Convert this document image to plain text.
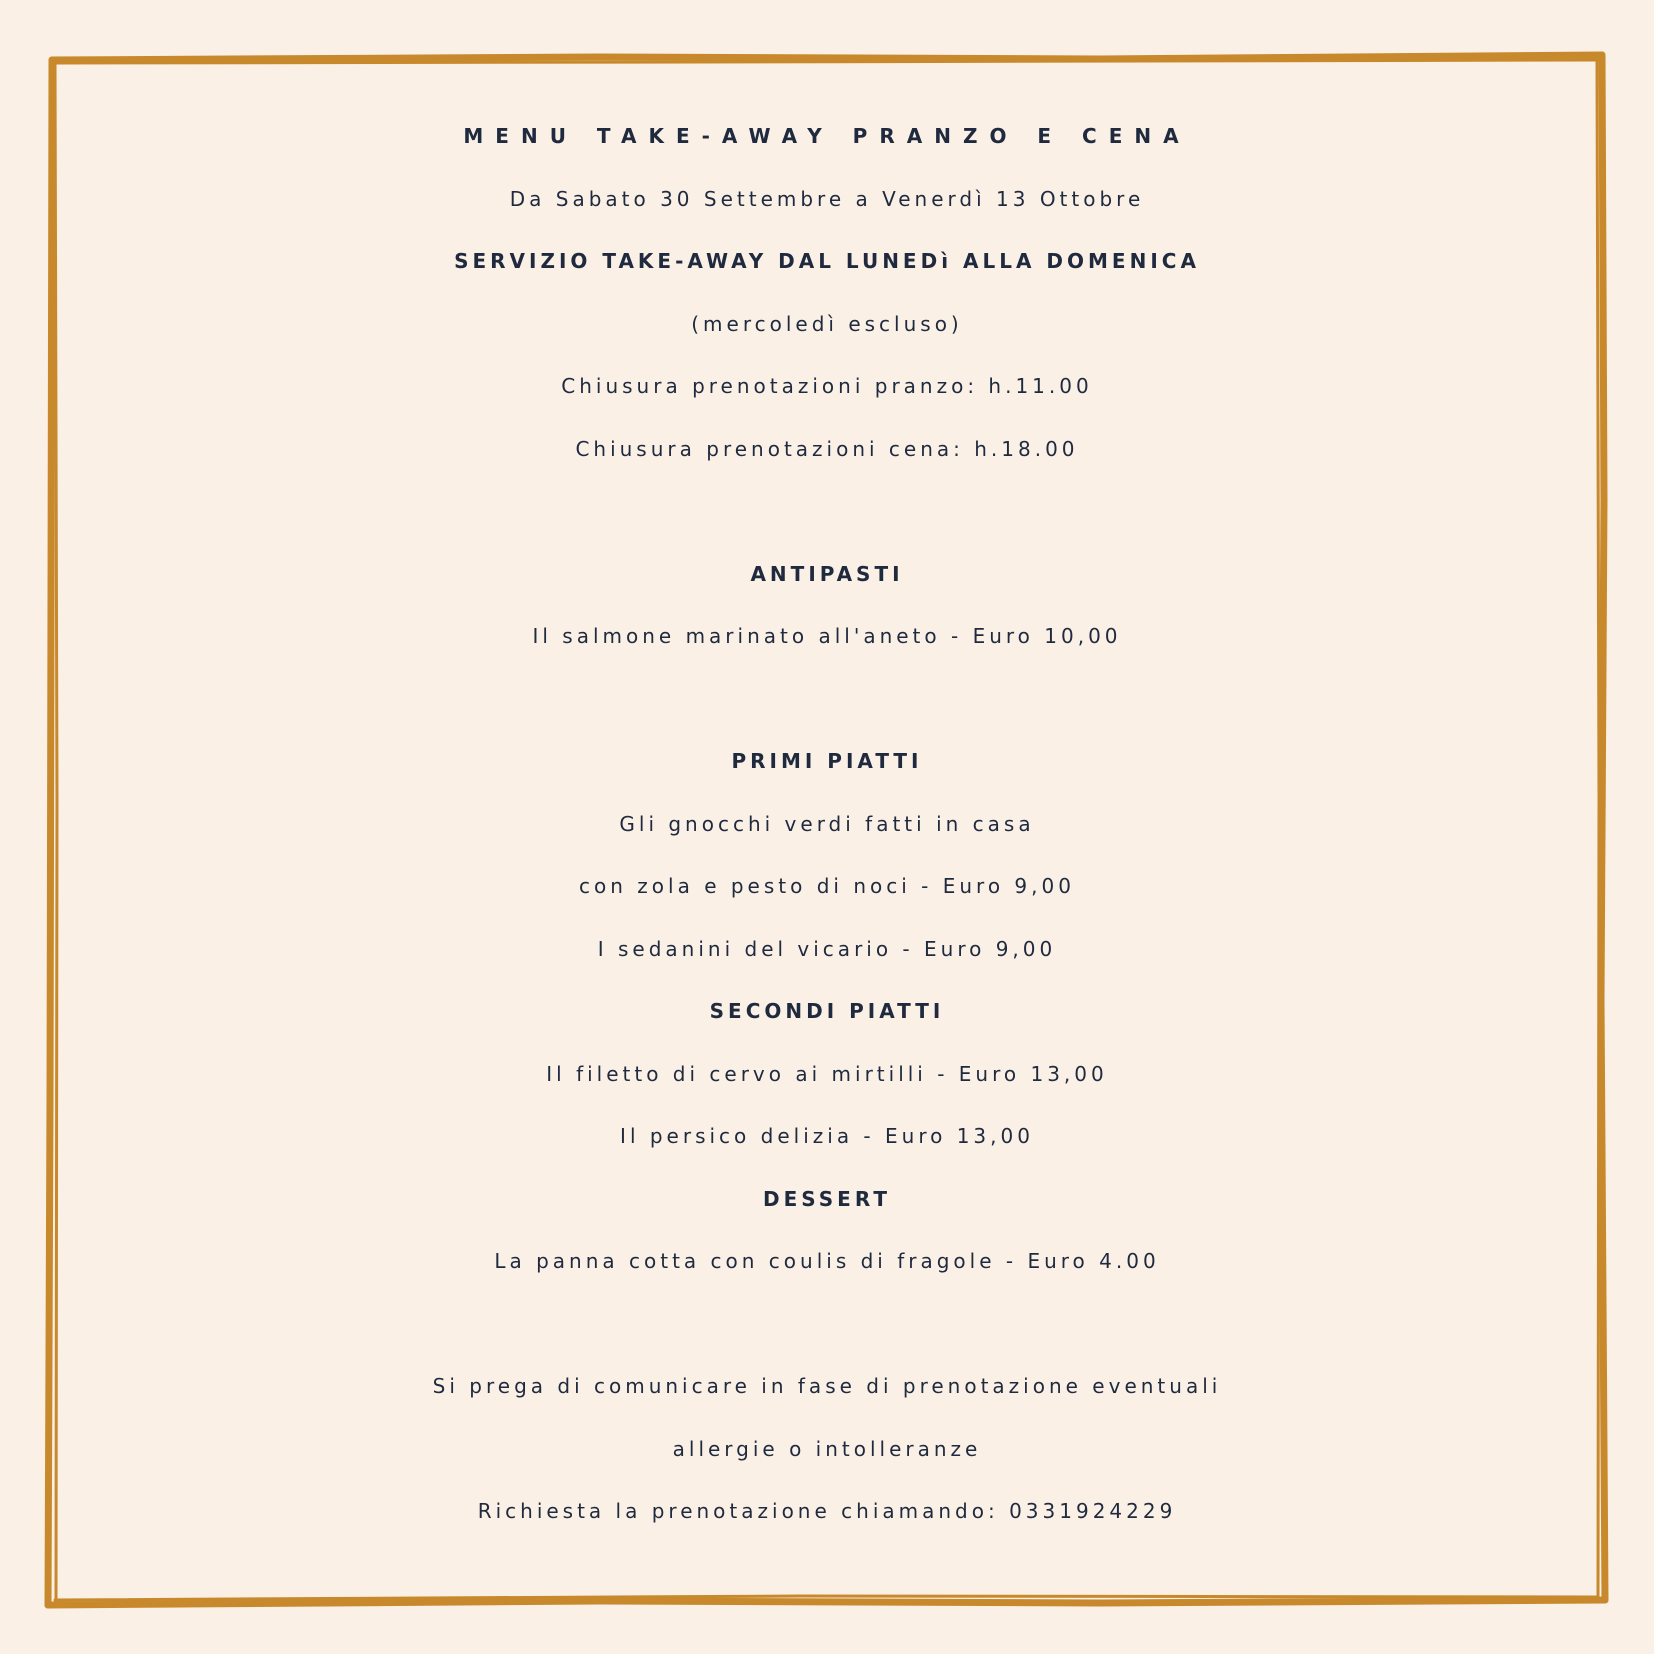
MENU TAKE-AWAY PRANZO E CENA
Da Sabato 30 Settembre a Venerdì 13 Ottobre
SERVIZIO TAKE-AWAY DAL LUNEDì ALLA DOMENICA
(mercoledì escluso)
Chiusura prenotazioni pranzo: h.11.00
Chiusura prenotazioni cena: h.18.00
ANTIPASTI
Il salmone marinato all'aneto - Euro 10,00
PRIMI PIATTI
Gli gnocchi verdi fatti in casa
con zola e pesto di noci - Euro 9,00
I sedanini del vicario - Euro 9,00
SECONDI PIATTI
Il filetto di cervo ai mirtilli - Euro 13,00
Il persico delizia - Euro 13,00
DESSERT
La panna cotta con coulis di fragole - Euro 4.00
Si prega di comunicare in fase di prenotazione eventuali
allergie o intolleranze
Richiesta la prenotazione chiamando: 0331924229
